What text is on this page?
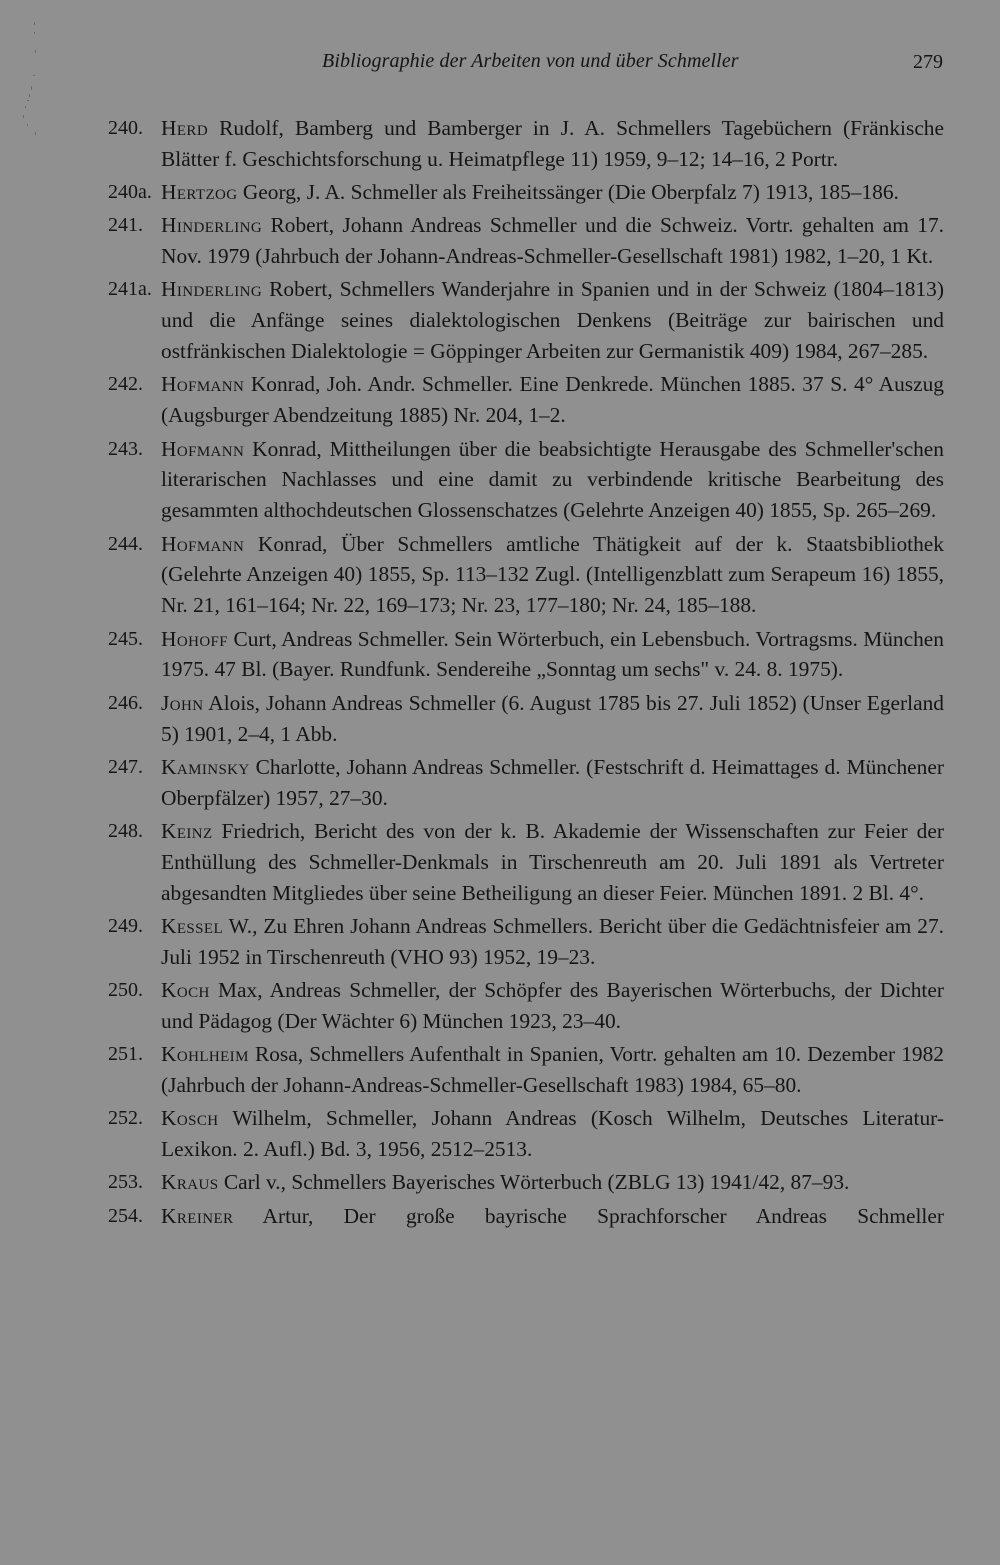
Bibliographie der Arbeiten von und über Schmeller	279
240. Herd Rudolf, Bamberg und Bamberger in J. A. Schmellers Tagebüchern (Fränkische Blätter f. Geschichtsforschung u. Heimatpflege 11) 1959, 9–12; 14–16, 2 Portr.
240a. Hertzog Georg, J. A. Schmeller als Freiheitssänger (Die Oberpfalz 7) 1913, 185–186.
241. Hinderling Robert, Johann Andreas Schmeller und die Schweiz. Vortr. gehalten am 17. Nov. 1979 (Jahrbuch der Johann-Andreas-Schmeller-Gesellschaft 1981) 1982, 1–20, 1 Kt.
241a. Hinderling Robert, Schmellers Wanderjahre in Spanien und in der Schweiz (1804–1813) und die Anfänge seines dialektologischen Denkens (Beiträge zur bairischen und ostfränkischen Dialektologie = Göppinger Arbeiten zur Germanistik 409) 1984, 267–285.
242. Hofmann Konrad, Joh. Andr. Schmeller. Eine Denkrede. München 1885. 37 S. 4° Auszug (Augsburger Abendzeitung 1885) Nr. 204, 1–2.
243. Hofmann Konrad, Mittheilungen über die beabsichtigte Herausgabe des Schmeller'schen literarischen Nachlasses und eine damit zu verbindende kritische Bearbeitung des gesammten althochdeutschen Glossenschatzes (Gelehrte Anzeigen 40) 1855, Sp. 265–269.
244. Hofmann Konrad, Über Schmellers amtliche Thätigkeit auf der k. Staatsbibliothek (Gelehrte Anzeigen 40) 1855, Sp. 113–132 Zugl. (Intelligenzblatt zum Serapeum 16) 1855, Nr. 21, 161–164; Nr. 22, 169–173; Nr. 23, 177–180; Nr. 24, 185–188.
245. Hohoff Curt, Andreas Schmeller. Sein Wörterbuch, ein Lebensbuch. Vortragsms. München 1975. 47 Bl. (Bayer. Rundfunk. Sendereihe „Sonntag um sechs" v. 24. 8. 1975).
246. John Alois, Johann Andreas Schmeller (6. August 1785 bis 27. Juli 1852) (Unser Egerland 5) 1901, 2–4, 1 Abb.
247. Kaminsky Charlotte, Johann Andreas Schmeller. (Festschrift d. Heimattages d. Münchener Oberpfälzer) 1957, 27–30.
248. Keinz Friedrich, Bericht des von der k. B. Akademie der Wissenschaften zur Feier der Enthüllung des Schmeller-Denkmals in Tirschenreuth am 20. Juli 1891 als Vertreter abgesandten Mitgliedes über seine Betheiligung an dieser Feier. München 1891. 2 Bl. 4°.
249. Kessel W., Zu Ehren Johann Andreas Schmellers. Bericht über die Gedächtnisfeier am 27. Juli 1952 in Tirschenreuth (VHO 93) 1952, 19–23.
250. Koch Max, Andreas Schmeller, der Schöpfer des Bayerischen Wörterbuchs, der Dichter und Pädagog (Der Wächter 6) München 1923, 23–40.
251. Kohlheim Rosa, Schmellers Aufenthalt in Spanien, Vortr. gehalten am 10. Dezember 1982 (Jahrbuch der Johann-Andreas-Schmeller-Gesellschaft 1983) 1984, 65–80.
252. Kosch Wilhelm, Schmeller, Johann Andreas (Kosch Wilhelm, Deutsches Literatur-Lexikon. 2. Aufl.) Bd. 3, 1956, 2512–2513.
253. Kraus Carl v., Schmellers Bayerisches Wörterbuch (ZBLG 13) 1941/42, 87–93.
254. Kreiner Artur, Der große bayrische Sprachforscher Andreas Schmeller
